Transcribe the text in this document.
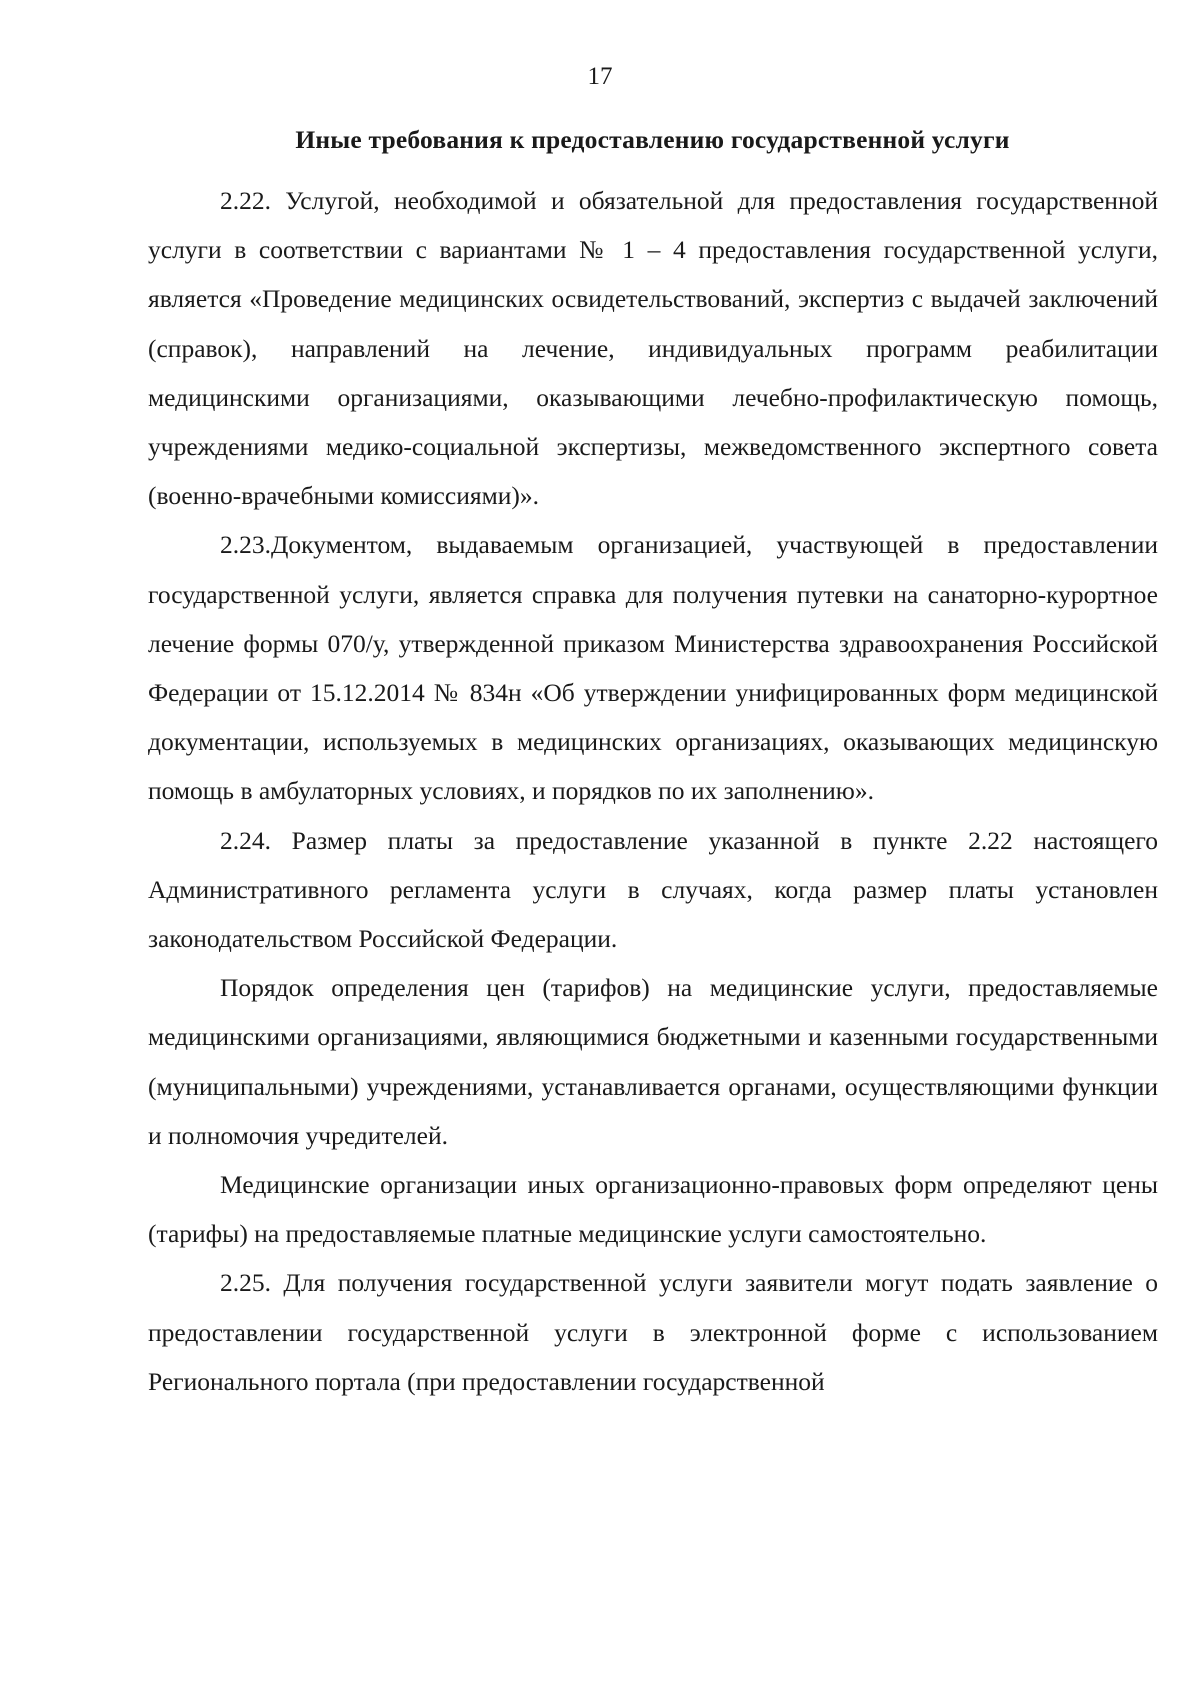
17
Иные требования к предоставлению государственной услуги

2.22. Услугой, необходимой и обязательной для предоставления государственной услуги в соответствии с вариантами № 1 – 4 предоставления государственной услуги, является «Проведение медицинских освидетельствований, экспертиз с выдачей заключений (справок), направлений на лечение, индивидуальных программ реабилитации медицинскими организациями, оказывающими лечебно-профилактическую помощь, учреждениями медико-социальной экспертизы, межведомственного экспертного совета (военно-врачебными комиссиями)».

2.23.Документом, выдаваемым организацией, участвующей в предоставлении государственной услуги, является справка для получения путевки на санаторно-курортное лечение формы 070/у, утвержденной приказом Министерства здравоохранения Российской Федерации от 15.12.2014 № 834н «Об утверждении унифицированных форм медицинской документации, используемых в медицинских организациях, оказывающих медицинскую помощь в амбулаторных условиях, и порядков по их заполнению».

2.24. Размер платы за предоставление указанной в пункте 2.22 настоящего Административного регламента услуги в случаях, когда размер платы установлен законодательством Российской Федерации.

Порядок определения цен (тарифов) на медицинские услуги, предоставляемые медицинскими организациями, являющимися бюджетными и казенными государственными (муниципальными) учреждениями, устанавливается органами, осуществляющими функции и полномочия учредителей.

Медицинские организации иных организационно-правовых форм определяют цены (тарифы) на предоставляемые платные медицинские услуги самостоятельно.

2.25. Для получения государственной услуги заявители могут подать заявление о предоставлении государственной услуги в электронной форме с использованием Регионального портала (при предоставлении государственной
